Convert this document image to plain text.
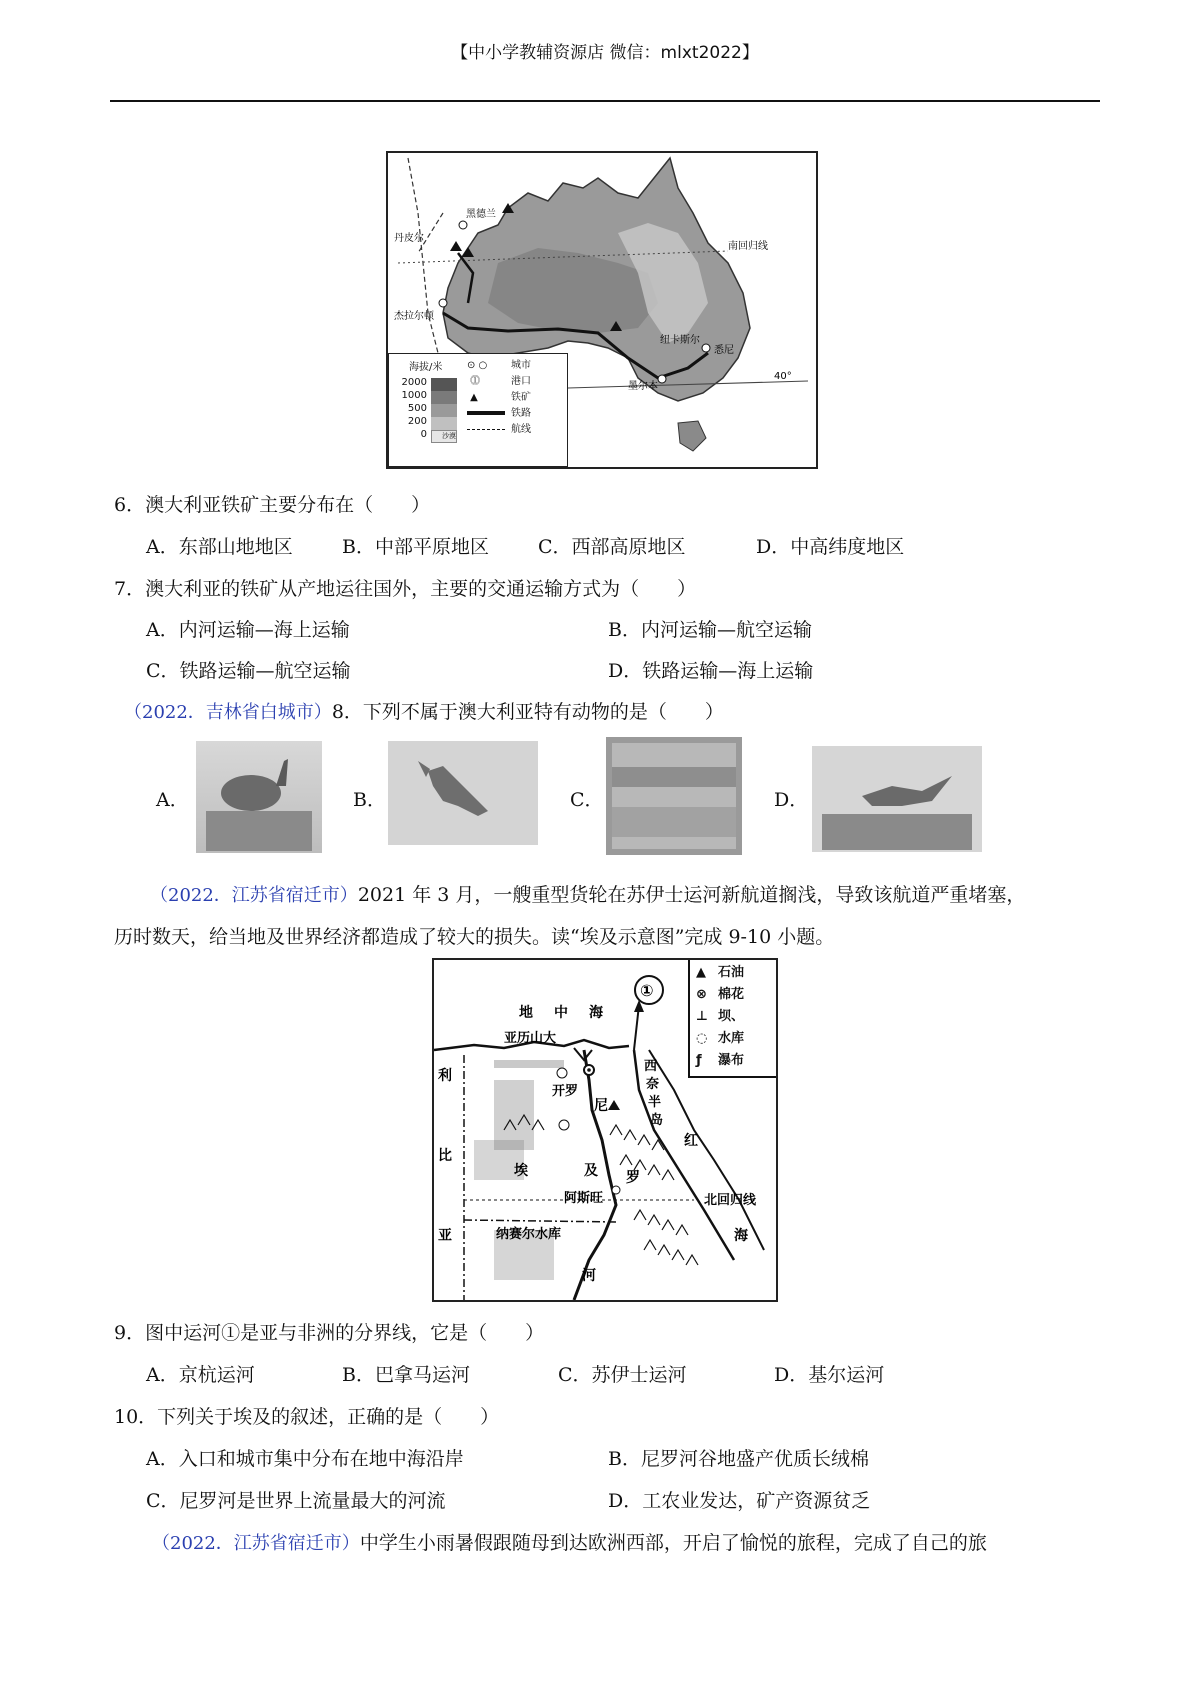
【中小学教辅资源店 微信：mlxt2022】
黑德兰
丹皮尔
杰拉尔顿
南回归线
纽卡斯尔
悉尼
墨尔本
40°
海拔/米
2000
1000
500
200
0	沙漠
⊙ ○ 城市
⓵	港口
▲	铁矿
铁路
航线
6．澳大利亚铁矿主要分布在（　　）
A．东部山地地区	B．中部平原地区	C．西部高原地区	D．中高纬度地区
7．澳大利亚的铁矿从产地运往国外，主要的交通运输方式为（　　）
A．内河运输—海上运输	B．内河运输—航空运输
C．铁路运输—航空运输	D．铁路运输—海上运输
（2022．吉林省白城市）8．下列不属于澳大利亚特有动物的是（　　）
A．	B．	C．	D．
（2022．江苏省宿迁市）2021 年 3 月，一艘重型货轮在苏伊士运河新航道搁浅，导致该航道严重堵塞，
历时数天，给当地及世界经济都造成了较大的损失。读“埃及示意图”完成 9-10 小题。
地 中 海
①
亚历山大
开罗
利
比
亚
埃	及
阿斯旺
纳赛尔水库
尼
罗
河
西
奈
半
岛
红
海
北回归线
▲ 石油
⊗ 棉花
⊥ 坝、
◌ 水库
ƒ 瀑布
9．图中运河①是亚与非洲的分界线，它是（　　）
A．京杭运河	B．巴拿马运河	C．苏伊士运河	D．基尔运河
10．下列关于埃及的叙述，正确的是（　　）
A．入口和城市集中分布在地中海沿岸	B．尼罗河谷地盛产优质长绒棉
C．尼罗河是世界上流量最大的河流	D．工农业发达，矿产资源贫乏
（2022．江苏省宿迁市）中学生小雨暑假跟随母到达欧洲西部，开启了愉悦的旅程，完成了自己的旅
